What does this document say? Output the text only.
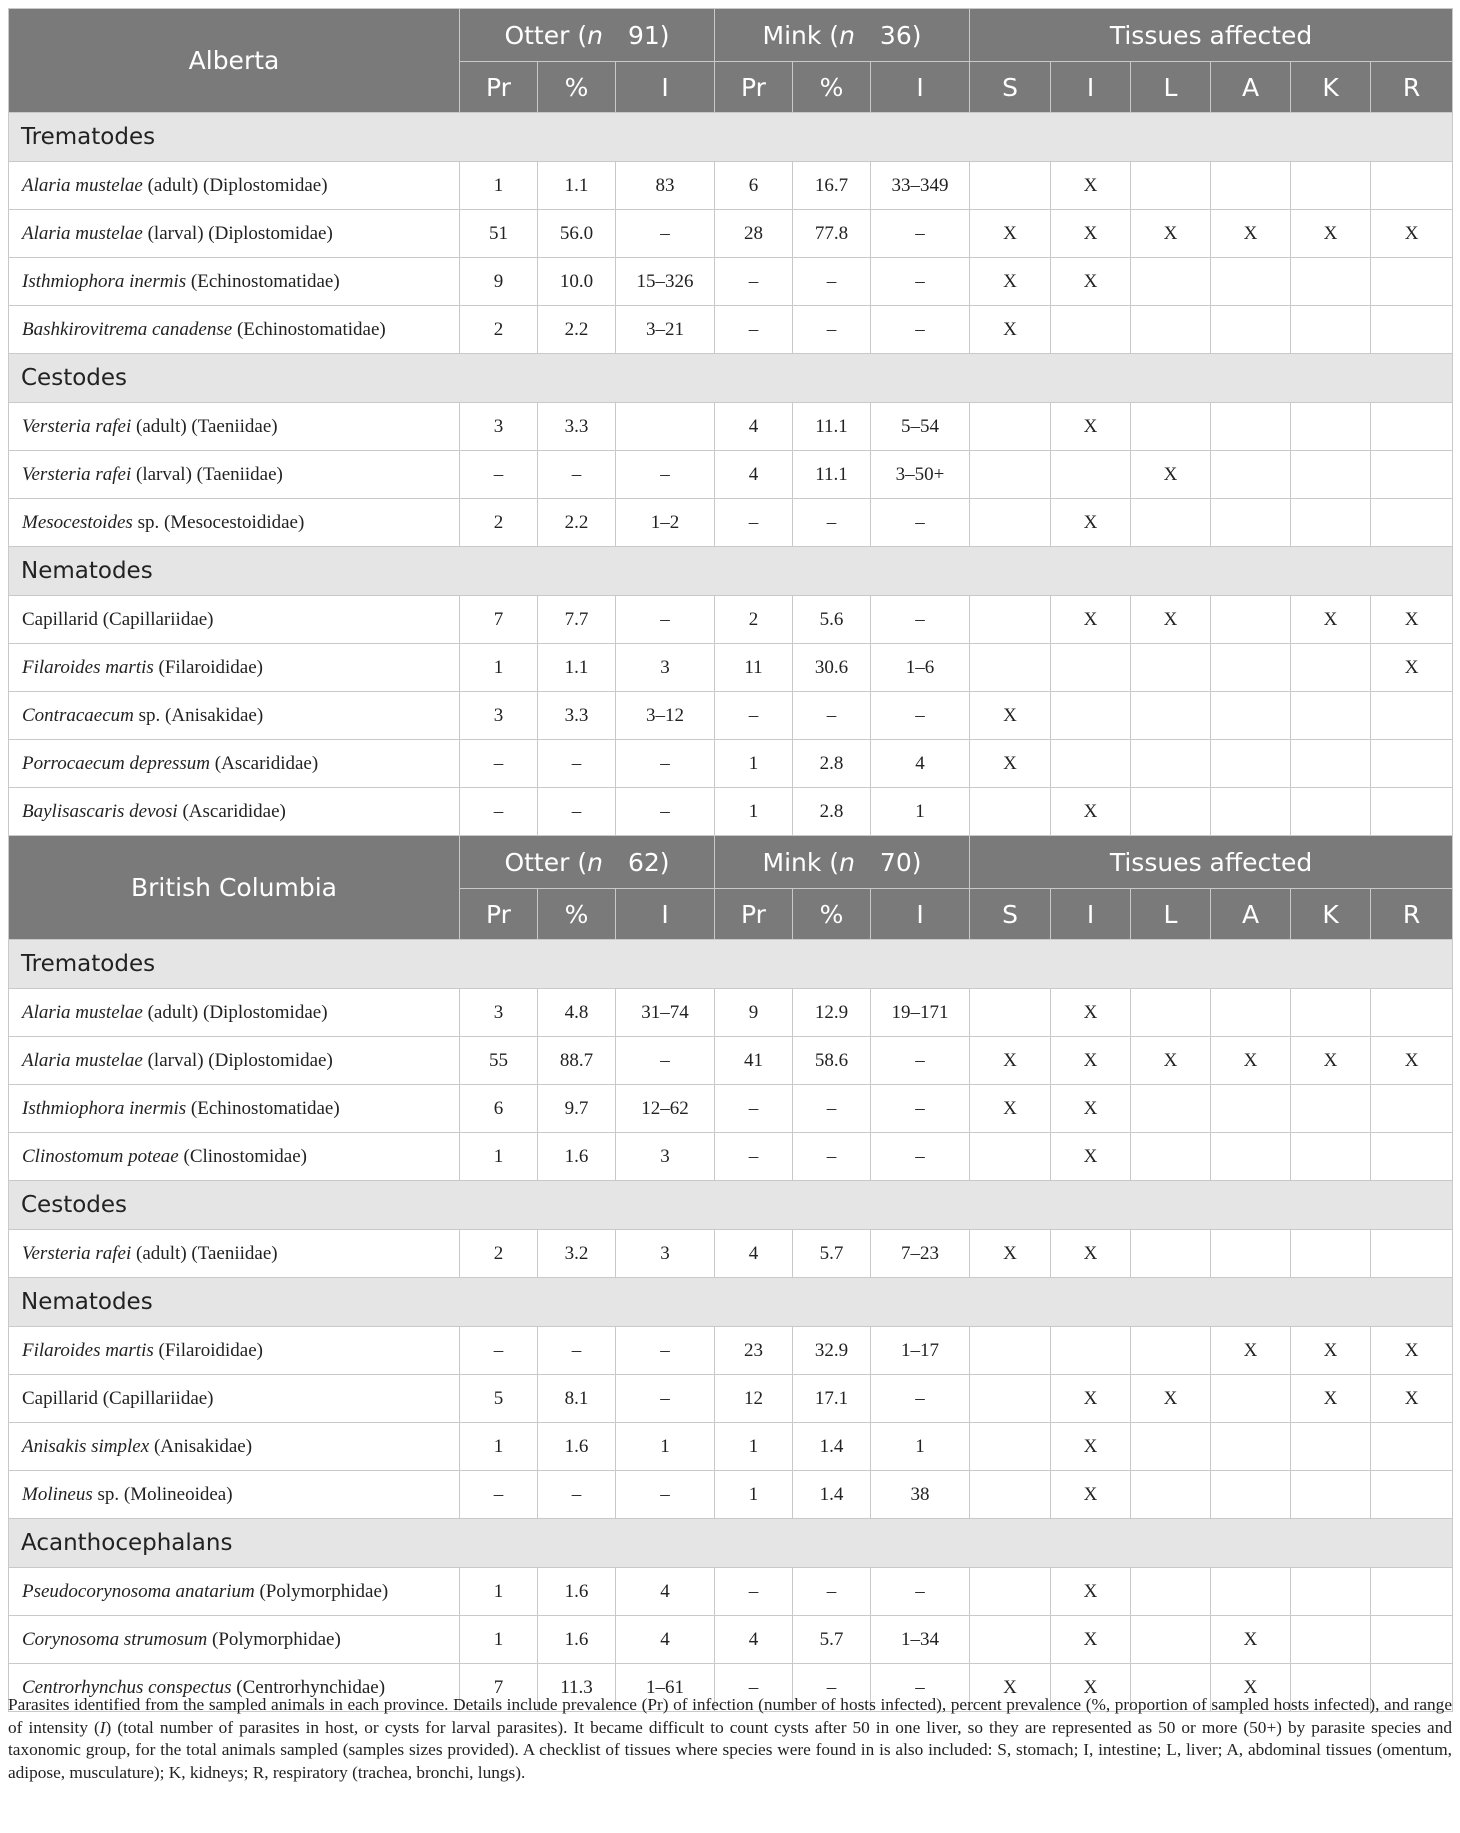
Alberta	Otter (n  91)			Mink (n  36)			Tissues affected					
	Pr	%	I	Pr	%	I	S	I	L	A	K	R
Trematodes												
Alaria mustelae (adult) (Diplostomidae)	1	1.1	83	6	16.7	33–349		X				
Alaria mustelae (larval) (Diplostomidae)	51	56.0	–	28	77.8	–	X	X	X	X	X	X
Isthmiophora inermis (Echinostomatidae)	9	10.0	15–326	–	–	–	X	X				
Bashkirovitrema canadense (Echinostomatidae)	2	2.2	3–21	–	–	–	X					
Cestodes												
Versteria rafei (adult) (Taeniidae)	3	3.3		4	11.1	5–54		X				
Versteria rafei (larval) (Taeniidae)	–	–	–	4	11.1	3–50+			X			
Mesocestoides sp. (Mesocestoididae)	2	2.2	1–2	–	–	–		X				
Nematodes												
Capillarid (Capillariidae)	7	7.7	–	2	5.6	–		X	X		X	X
Filaroides martis (Filaroididae)	1	1.1	3	11	30.6	1–6						X
Contracaecum sp. (Anisakidae)	3	3.3	3–12	–	–	–	X					
Porrocaecum depressum (Ascarididae)	–	–	–	1	2.8	4	X					
Baylisascaris devosi (Ascarididae)	–	–	–	1	2.8	1		X				
British Columbia	Otter (n  62)			Mink (n  70)			Tissues affected					
	Pr	%	I	Pr	%	I	S	I	L	A	K	R
Trematodes												
Alaria mustelae (adult) (Diplostomidae)	3	4.8	31–74	9	12.9	19–171		X				
Alaria mustelae (larval) (Diplostomidae)	55	88.7	–	41	58.6	–	X	X	X	X	X	X
Isthmiophora inermis (Echinostomatidae)	6	9.7	12–62	–	–	–	X	X				
Clinostomum poteae (Clinostomidae)	1	1.6	3	–	–	–		X				
Cestodes												
Versteria rafei (adult) (Taeniidae)	2	3.2	3	4	5.7	7–23	X	X				
Nematodes												
Filaroides martis (Filaroididae)	–	–	–	23	32.9	1–17				X	X	X
Capillarid (Capillariidae)	5	8.1	–	12	17.1	–		X	X		X	X
Anisakis simplex (Anisakidae)	1	1.6	1	1	1.4	1		X				
Molineus sp. (Molineoidea)	–	–	–	1	1.4	38		X				
Acanthocephalans												
Pseudocorynosoma anatarium (Polymorphidae)	1	1.6	4	–	–	–		X				
Corynosoma strumosum (Polymorphidae)	1	1.6	4	4	5.7	1–34		X		X		
Centrorhynchus conspectus (Centrorhynchidae)	7	11.3	1–61	–	–	–	X	X		X		
Parasites identified from the sampled animals in each province. Details include prevalence (Pr) of infection (number of hosts infected), percent prevalence (%, proportion of sampled hosts infected), and range of intensity (I) (total number of parasites in host, or cysts for larval parasites). It became difficult to count cysts after 50 in one liver, so they are represented as 50 or more (50+) by parasite species and taxonomic group, for the total animals sampled (samples sizes provided). A checklist of tissues where species were found in is also included: S, stomach; I, intestine; L, liver; A, abdominal tissues (omentum, adipose, musculature); K, kidneys; R, respiratory (trachea, bronchi, lungs).
